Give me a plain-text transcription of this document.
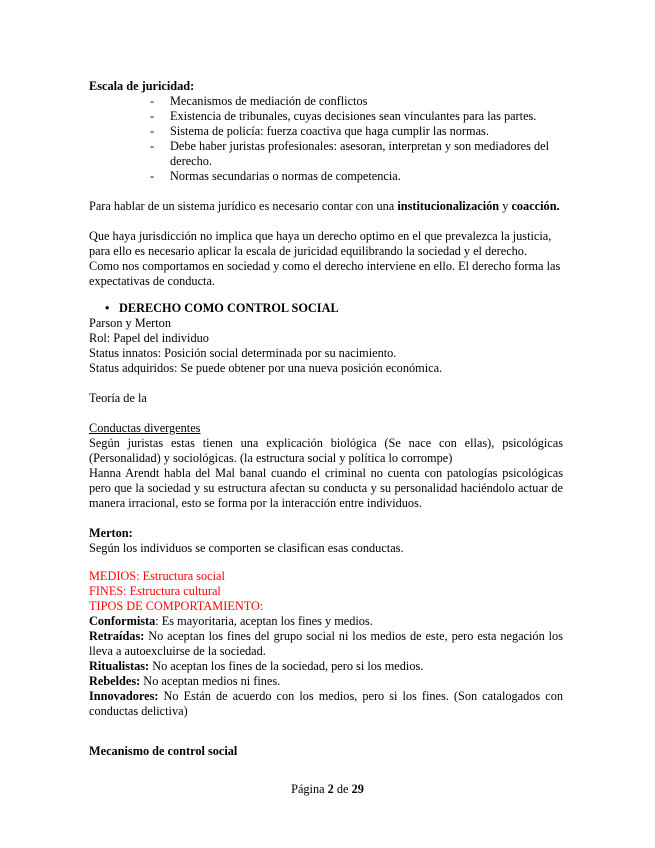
Escala de juricidad:

- Mecanismos de mediación de conflictos
- Existencia de tribunales, cuyas decisiones sean vinculantes para las partes.
- Sistema de policía: fuerza coactiva que haga cumplir las normas.
- Debe haber juristas profesionales: asesoran, interpretan y son mediadores del derecho.
- Normas secundarias o normas de competencia.

Para hablar de un sistema jurídico es necesario contar con una institucionalización y coacción.

Que haya jurisdicción no implica que haya un derecho optimo en el que prevalezca la justicia, para ello es necesario aplicar la escala de juricidad equilibrando la sociedad y el derecho.

Como nos comportamos en sociedad y como el derecho interviene en ello. El derecho forma las expectativas de conducta.

• DERECHO COMO CONTROL SOCIAL

Parson y Merton

Rol: Papel del individuo

Status innatos: Posición social determinada por su nacimiento.

Status adquiridos: Se puede obtener por una nueva posición económica.

Teoría de la

Conductas divergentes

Según juristas estas tienen una explicación biológica (Se nace con ellas), psicológicas (Personalidad) y sociológicas. (la estructura social y política lo corrompe)

Hanna Arendt habla del Mal banal cuando el criminal no cuenta con patologías psicológicas pero que la sociedad y su estructura afectan su conducta y su personalidad haciéndolo actuar de manera irracional, esto se forma por la interacción entre individuos.

Merton:

Según los individuos se comporten se clasifican esas conductas.

MEDIOS: Estructura social

FINES: Estructura cultural

TIPOS DE COMPORTAMIENTO:

Conformista: Es mayoritaria, aceptan los fines y medios.

Retraídas: No aceptan los fines del grupo social ni los medios de este, pero esta negación los lleva a autoexcluirse de la sociedad.

Ritualistas: No aceptan los fines de la sociedad, pero si los medios.

Rebeldes: No aceptan medios ni fines.

Innovadores: No Están de acuerdo con los medios, pero si los fines. (Son catalogados con conductas delictiva)

Mecanismo de control social
Página 2 de 29
